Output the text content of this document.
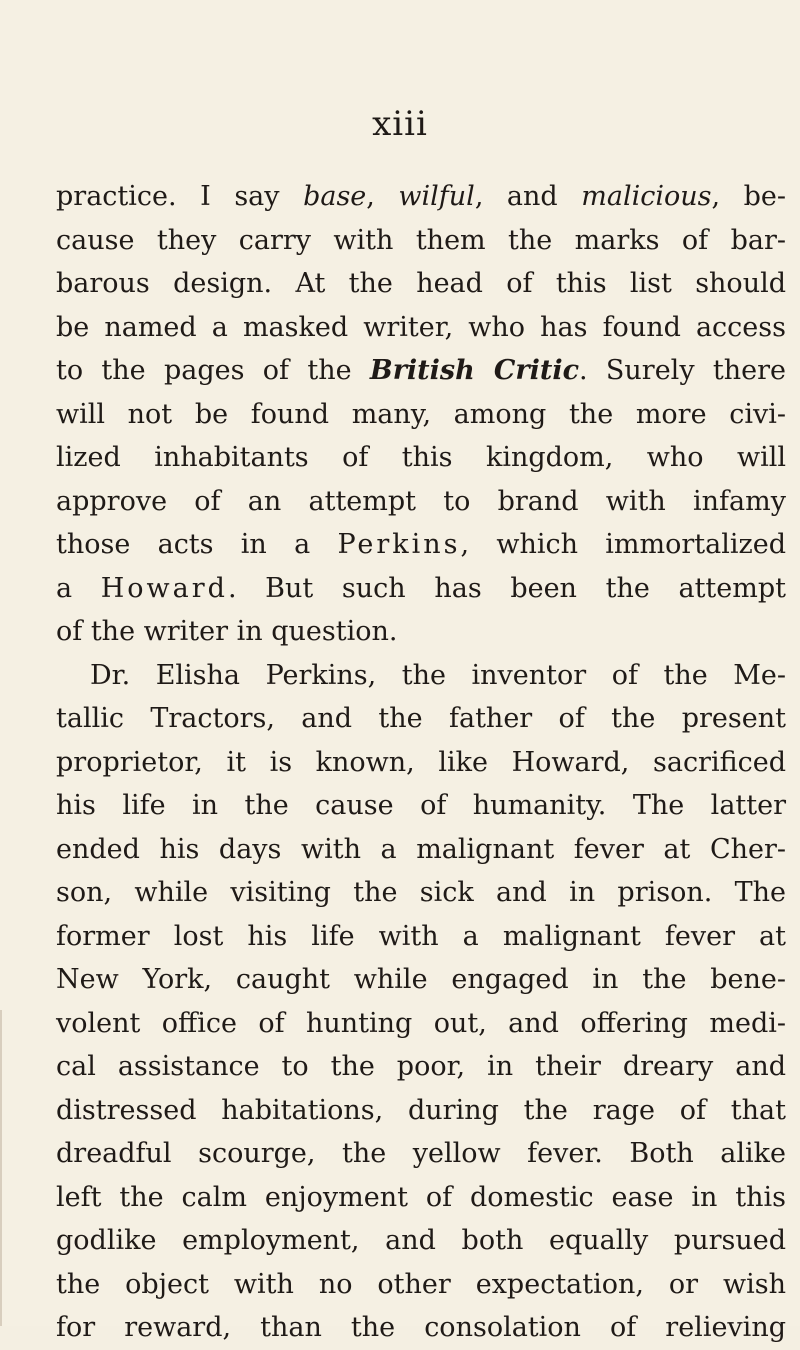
xiii
practice. I say base, wilful, and malicious, be-
cause they carry with them the marks of bar-
barous design. At the head of this list should
be named a masked writer, who has found access
to the pages of the British Critic. Surely there
will not be found many, among the more civi-
lized inhabitants of this kingdom, who will
approve of an attempt to brand with infamy
those acts in a Perkins, which immortalized
a Howard. But such has been the attempt
of the writer in question.
Dr. Elisha Perkins, the inventor of the Me-
tallic Tractors, and the father of the present
proprietor, it is known, like Howard, sacrificed
his life in the cause of humanity. The latter
ended his days with a malignant fever at Cher-
son, while visiting the sick and in prison. The
former lost his life with a malignant fever at
New York, caught while engaged in the bene-
volent office of hunting out, and offering medi-
cal assistance to the poor, in their dreary and
distressed habitations, during the rage of that
dreadful scourge, the yellow fever. Both alike
left the calm enjoyment of domestic ease in this
godlike employment, and both equally pursued
the object with no other expectation, or wish
for reward, than the consolation of relieving
